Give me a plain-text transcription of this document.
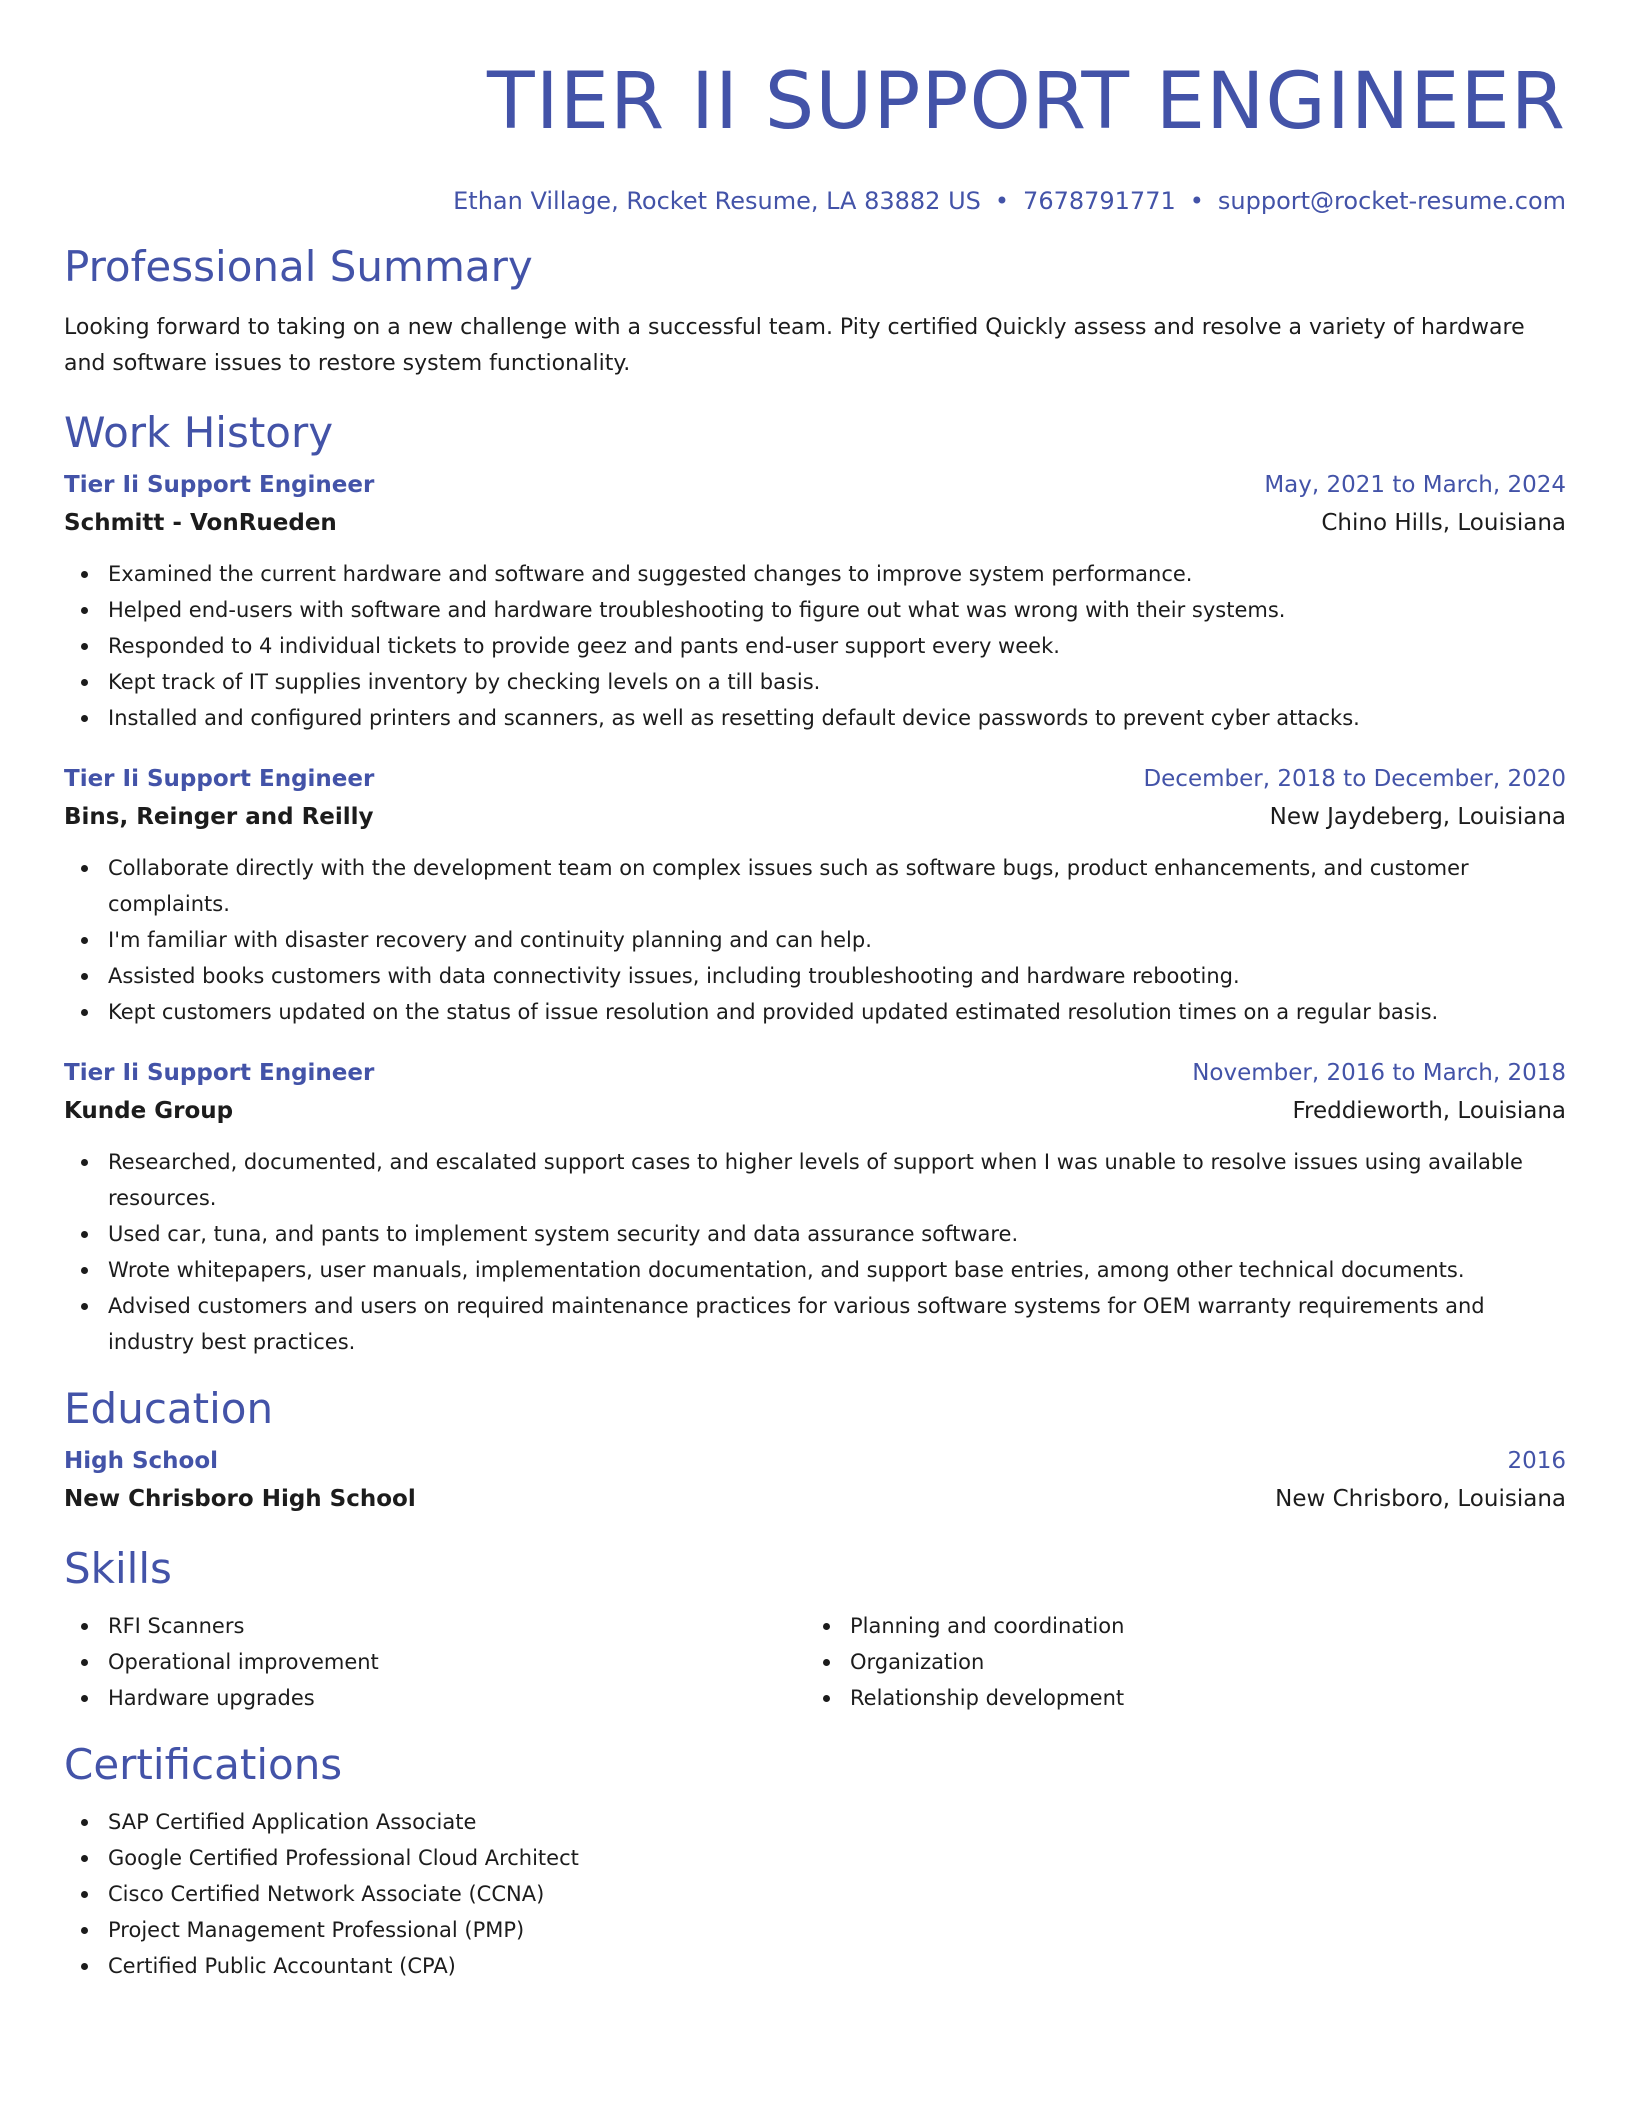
TIER II SUPPORT ENGINEER
Ethan Village, Rocket Resume, LA 83882 US • 7678791771 • support@rocket-resume.com
Professional Summary

Looking forward to taking on a new challenge with a successful team. Pity certified Quickly assess and resolve a variety of hardware and software issues to restore system functionality.

Work History
Tier Ii Support Engineer	May, 2021 to March, 2024
Schmitt - VonRueden	Chino Hills, Louisiana
Examined the current hardware and software and suggested changes to improve system performance.
Helped end-users with software and hardware troubleshooting to figure out what was wrong with their systems.
Responded to 4 individual tickets to provide geez and pants end-user support every week.
Kept track of IT supplies inventory by checking levels on a till basis.
Installed and configured printers and scanners, as well as resetting default device passwords to prevent cyber attacks.
Tier Ii Support Engineer	December, 2018 to December, 2020
Bins, Reinger and Reilly	New Jaydeberg, Louisiana
Collaborate directly with the development team on complex issues such as software bugs, product enhancements, and customer complaints.
I'm familiar with disaster recovery and continuity planning and can help.
Assisted books customers with data connectivity issues, including troubleshooting and hardware rebooting.
Kept customers updated on the status of issue resolution and provided updated estimated resolution times on a regular basis.
Tier Ii Support Engineer	November, 2016 to March, 2018
Kunde Group	Freddieworth, Louisiana
Researched, documented, and escalated support cases to higher levels of support when I was unable to resolve issues using available resources.
Used car, tuna, and pants to implement system security and data assurance software.
Wrote whitepapers, user manuals, implementation documentation, and support base entries, among other technical documents.
Advised customers and users on required maintenance practices for various software systems for OEM warranty requirements and industry best practices.
Education
High School	2016
New Chrisboro High School	New Chrisboro, Louisiana
Skills
RFI Scanners
Operational improvement
Hardware upgrades
Planning and coordination
Organization
Relationship development
Certifications
SAP Certified Application Associate
Google Certified Professional Cloud Architect
Cisco Certified Network Associate (CCNA)
Project Management Professional (PMP)
Certified Public Accountant (CPA)
